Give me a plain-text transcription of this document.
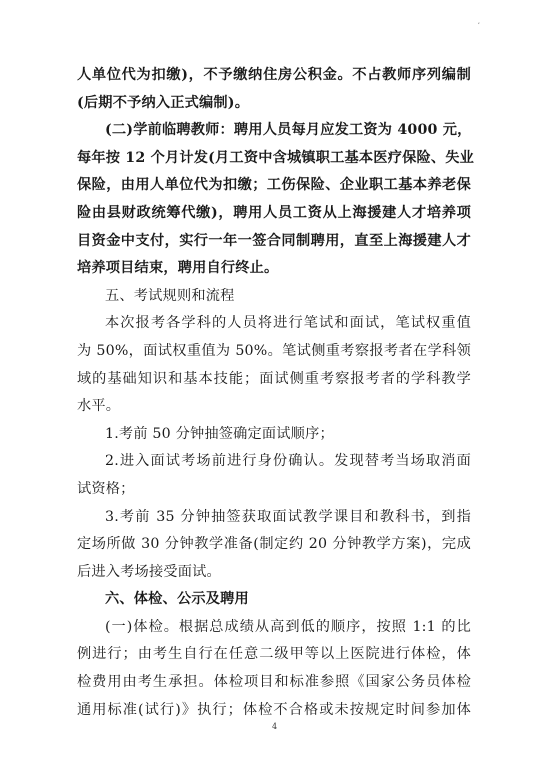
,
人单位代为扣缴)，不予缴纳住房公积金。不占教师序列编制
(后期不予纳入正式编制)。
(二)学前临聘教师：聘用人员每月应发工资为 4000 元，
每年按 12 个月计发(月工资中含城镇职工基本医疗保险、失业
保险，由用人单位代为扣缴；工伤保险、企业职工基本养老保
险由县财政统筹代缴)，聘用人员工资从上海援建人才培养项
目资金中支付，实行一年一签合同制聘用，直至上海援建人才
培养项目结束，聘用自行终止。
五、考试规则和流程
本次报考各学科的人员将进行笔试和面试，笔试权重值
为 50%，面试权重值为 50%。笔试侧重考察报考者在学科领
域的基础知识和基本技能；面试侧重考察报考者的学科教学
水平。
1.考前 50 分钟抽签确定面试顺序；
2.进入面试考场前进行身份确认。发现替考当场取消面
试资格；
3.考前 35 分钟抽签获取面试教学课目和教科书，到指
定场所做 30 分钟教学准备(制定约 20 分钟教学方案)，完成
后进入考场接受面试。
六、体检、公示及聘用
(一)体检。根据总成绩从高到低的顺序，按照 1:1 的比
例进行；由考生自行在任意二级甲等以上医院进行体检，体
检费用由考生承担。体检项目和标准参照《国家公务员体检
通用标准(试行)》执行；体检不合格或未按规定时间参加体
4
